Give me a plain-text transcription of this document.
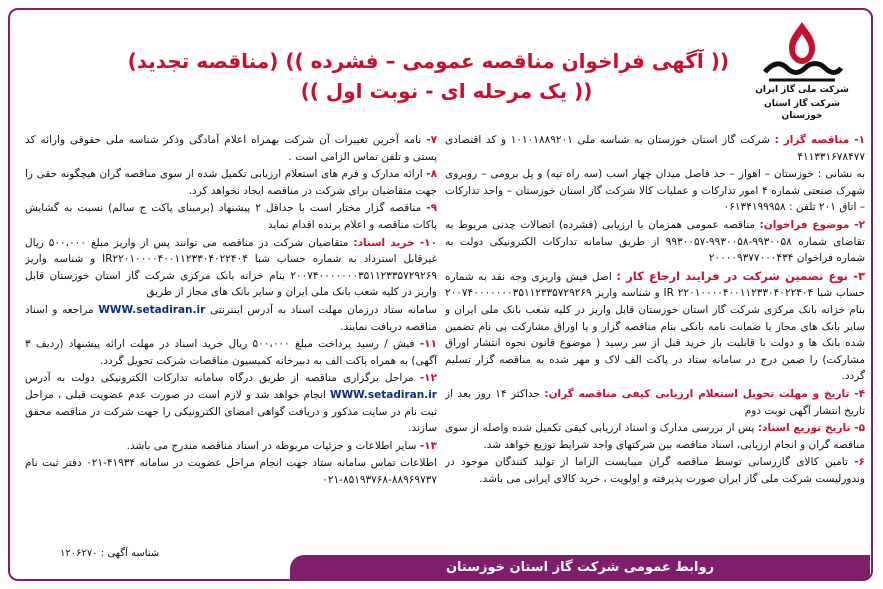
شرکت ملی گاز ایران
شرکت گاز استان خوزستان
(( آگهی فراخوان مناقصه عمومی – فشرده )) (مناقصه تجدید)
(( یک مرحله ای - نوبت اول ))
۱- مناقصه گزار : شرکت گاز استان خوزستان به شناسه ملی ۱۰۱۰۱۸۸۹۲۰۱ و کد اقتصادی ۴۱۱۳۳۱۶۷۸۴۷۷
به نشانی : خوزستان – اهواز – حد فاصل میدان چهار اسب (سه راه تپه) و پل برومی – روبروی شهرک صنعتی شماره ۴ امور تدارکات و عملیات کالا شرکت گاز استان خوزستان – واحد تدارکات – اتاق ۲۰۱ تلفن : ۰۶۱۳۴۱۹۹۹۵۸
۲- موضوع فراخوان: مناقصه عمومی همزمان با ارزیابی (فشرده) اتصالات چدنی مربوط به تقاضای شماره ۹۹۳۰۰۵۸-۹۹۳۰۰۵۸-۹۹۳۰۰۵۷ از طریق سامانه تدارکات الکترونیکی دولت به شماره فراخوان ۲۰۰۰۰۹۳۷۷۰۰۰۴۳۴
۳- نوع تضمین شرکت در فرایند ارجاع کار : اصل فیش واریزی وجه نقد به شماره حساب شبا IR ۲۲۰۱۰۰۰۰۴۰۰۱۱۲۳۳۰۴۰۲۲۴۰۴ و شناسه واریز ۲۰۰۷۴۰۰۰۰۰۰۰۳۵۱۱۲۳۳۵۷۲۹۲۶۹ بنام خزانه بانک مرکزی شرکت گاز استان خوزستان قابل واریز در کلیه شعب بانک ملی ایران و سایر بانک های مجاز یا ضمانت نامه بانکی بنام مناقصه گزار و یا اوراق مشارکت بی نام تضمین شده بانک ها و دولت با قابلیت باز خرید قبل از سر رسید ( موضوع قانون نحوه انتشار اوراق مشارکت) را ضمن درج در سامانه ستاد در پاکت الف لاک و مهر شده به مناقصه گزار تسلیم گردد.
۴- تاریخ و مهلت تحویل استعلام ارزیابی کیفی مناقصه گران: حداکثر ۱۴ روز بعد از تاریخ انتشار آگهی نوبت دوم
۵- تاریخ توزیع اسناد: پس از بررسی مدارک و اسناد ارزیابی کیفی تکمیل شده واصله از سوی مناقصه گران و انجام ارزیابی، اسناد مناقصه بین شرکتهای واجد شرایط توزیع خواهد شد.
۶- تامین کالای گازرسانی توسط مناقصه گران میبایست الزاما از تولید کنندگان موجود در وندورلیست شرکت ملی گاز ایران صورت پذیرفته و اولویت ، خرید کالای ایرانی می باشد.
۷- نامه آخرین تغییرات آن شرکت بهمراه اعلام آمادگی وذکر شناسه ملی حقوقی وارائه کد پستی و تلفن تماس الزامی است .
۸- ارائه مدارک و فرم های استعلام ارزیابی تکمیل شده از سوی مناقصه گران هیچگونه حقی را جهت متقاضیان برای شرکت در مناقصه ایجاد نخواهد کرد.
۹- مناقصه گزار مختار است با حداقل ۲ پیشنهاد (برمبنای پاکت ج سالم) نسبت به گشایش پاکات مناقصه و اعلام برنده اقدام نماید
۱۰- خرید اسناد: متقاضیان شرکت در مناقصه می توانند پس از واریز مبلغ ۵۰۰،۰۰۰ ریال غیرقابل استرداد به شماره حساب شبا IR۲۲۰۱۰۰۰۰۴۰۰۱۱۲۳۳۰۴۰۲۲۴۰۴ و شناسه واریز ۲۰۰۷۴۰۰۰۰۰۰۰۳۵۱۱۲۳۳۵۷۲۹۲۶۹ بنام خزانه بانک مرکزی شرکت گاز استان خوزستان قابل واریز در کلیه شعب بانک ملی ایران و سایر بانک های مجاز از طریق
سامانه ستاد درزمان مهلت اسناد به آدرس اینترنتی WWW.setadiran.ir مراجعه و اسناد مناقصه دریافت نمایند.
۱۱- فیش / رسید پرداخت مبلغ ۵۰۰،۰۰۰ ریال خرید اسناد در مهلت ارائه پیشنهاد (ردیف ۳ آگهی) به همراه پاکت الف به دبیرخانه کمیسیون مناقصات شرکت تحویل گردد.
۱۲- مراحل برگزاری مناقصه از طریق درگاه سامانه تدارکات الکترونیکی دولت به آدرس WWW.setadiran.ir انجام خواهد شد و لازم است در صورت عدم عضویت قبلی ، مراحل ثبت نام در سایت مذکور و دریافت گواهی امضای الکترونیکی را جهت شرکت در مناقصه محقق سازند.
۱۳- سایر اطلاعات و جزئیات مربوطه در اسناد مناقصه مندرج می باشد.
اطلاعات تماس سامانه ستاد جهت انجام مراحل عضویت در سامانه ۴۱۹۳۴-۰۲۱ دفتر ثبت نام ۸۸۹۶۹۷۳۷-۸۵۱۹۳۷۶۸-۰۲۱
شناسه آگهی : ۱۲۰۶۲۷۰
روابط عمومی شرکت گاز استان خوزستان
